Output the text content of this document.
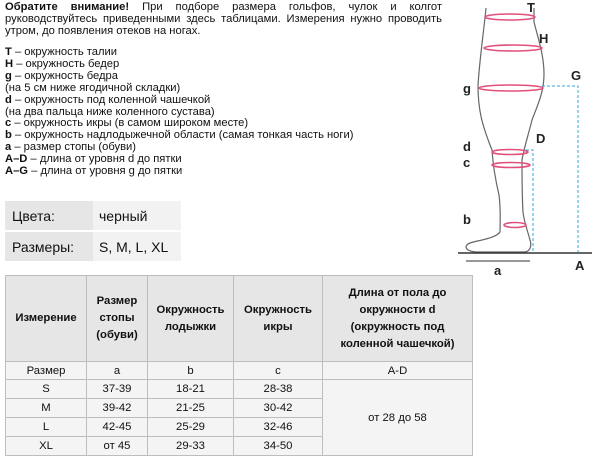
Обратите внимание! При подборе размера гольфов, чулок и колгот руководствуйтесь приведенными здесь таблицами. Измерения нужно проводить утром, до появления отеков на ногах.
T – окружность талии
H – окружность бедер
g – окружность бедра
(на 5 см ниже ягодичной складки)
d – окружность под коленной чашечкой
(на два пальца ниже коленного сустава)
c – окружность икры (в самом широком месте)
b – окружность надлодыжечной области (самая тонкая часть ноги)
a – размер стопы (обуви)
A–D – длина от уровня d до пятки
A–G – длина от уровня g до пятки
Цвета:	черный

Размеры:	S, M, L, XL
Измерение	Размер стопы (обуви)	Окружность лодыжки	Окружность икры	Длина от пола до окружности d (окружность под коленной чашечкой)
Размер	a	b	c	A-D
S	37-39	18-21	28-38	от 28 до 58
M	39-42	21-25	30-42	
L	42-45	25-29	32-46	
XL	от 45	29-33	34-50	
T
H
G
g
D
d
c
b
a	A
